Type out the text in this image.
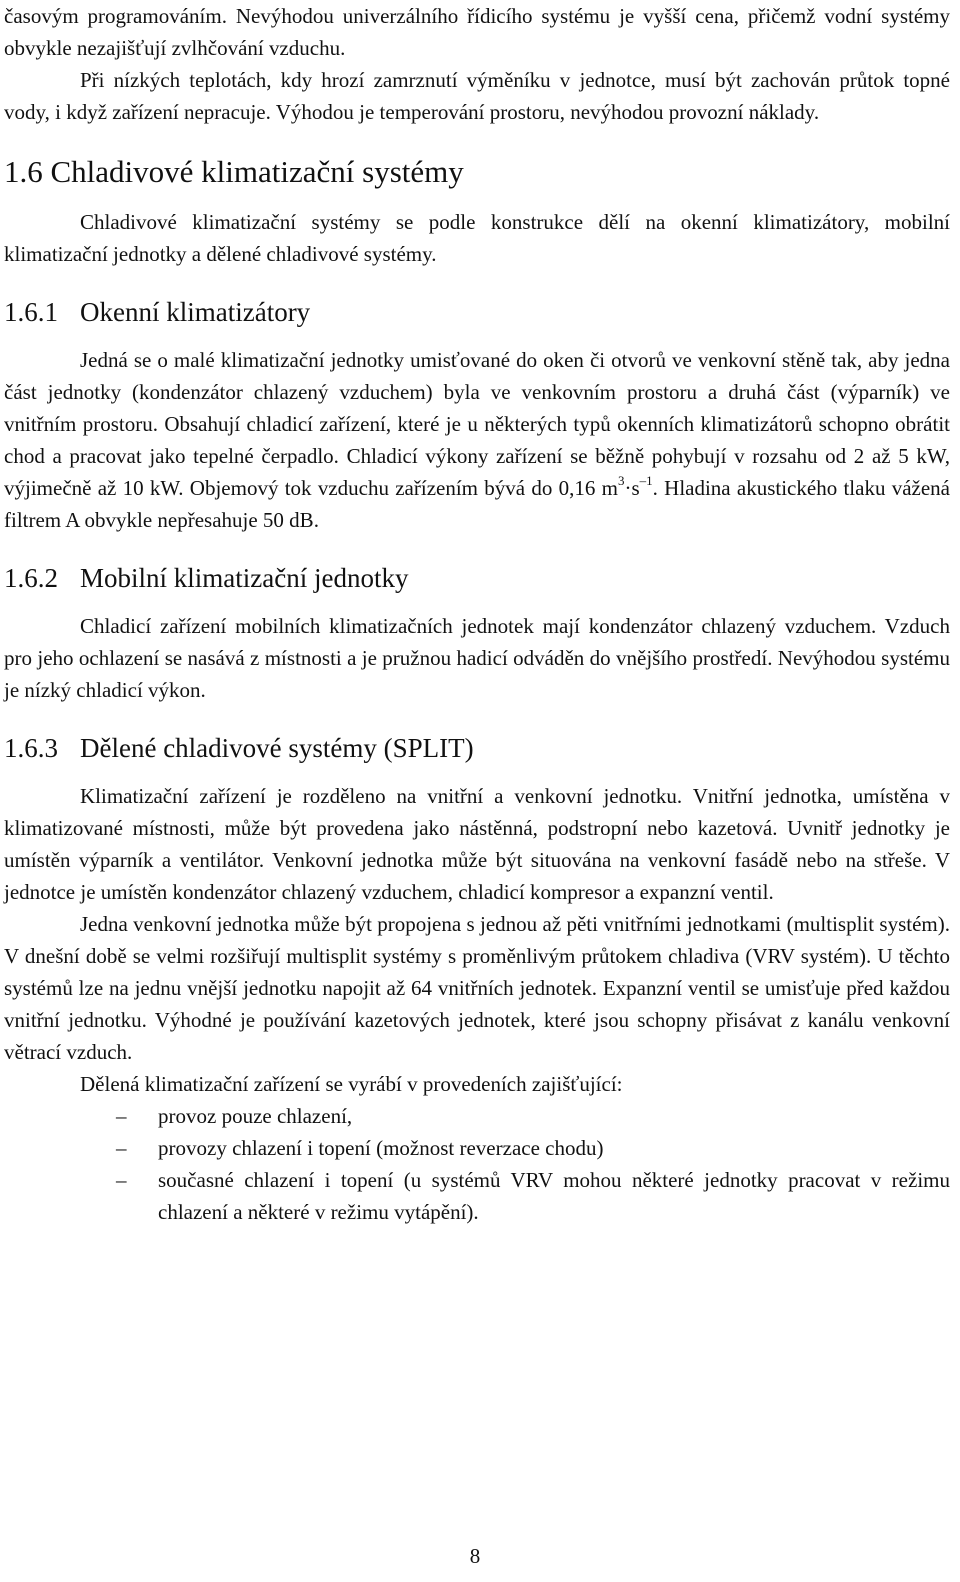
časovým programováním. Nevýhodou univerzálního řídicího systému je vyšší cena, přičemž vodní systémy obvykle nezajišťují zvlhčování vzduchu.

Při nízkých teplotách, kdy hrozí zamrznutí výměníku v jednotce, musí být zachován průtok topné vody, i když zařízení nepracuje. Výhodou je temperování prostoru, nevýhodou provozní náklady.

1.6 Chladivové klimatizační systémy

Chladivové klimatizační systémy se podle konstrukce dělí na okenní klimatizátory, mobilní klimatizační jednotky a dělené chladivové systémy.

1.6.1 Okenní klimatizátory

Jedná se o malé klimatizační jednotky umisťované do oken či otvorů ve venkovní stěně tak, aby jedna část jednotky (kondenzátor chlazený vzduchem) byla ve venkovním prostoru a druhá část (výparník) ve vnitřním prostoru. Obsahují chladicí zařízení, které je u některých typů okenních klimatizátorů schopno obrátit chod a pracovat jako tepelné čerpadlo. Chladicí výkony zařízení se běžně pohybují v rozsahu od 2 až 5 kW, výjimečně až 10 kW. Objemový tok vzduchu zařízením bývá do 0,16 $m^3\cdot s^{-1}$. Hladina akustického tlaku vážená filtrem A obvykle nepřesahuje 50 dB.

1.6.2 Mobilní klimatizační jednotky

Chladicí zařízení mobilních klimatizačních jednotek mají kondenzátor chlazený vzduchem. Vzduch pro jeho ochlazení se nasává z místnosti a je pružnou hadicí odváděn do vnějšího prostředí. Nevýhodou systému je nízký chladicí výkon.

1.6.3 Dělené chladivové systémy (SPLIT)

Klimatizační zařízení je rozděleno na vnitřní a venkovní jednotku. Vnitřní jednotka, umístěna v klimatizované místnosti, může být provedena jako nástěnná, podstropní nebo kazetová. Uvnitř jednotky je umístěn výparník a ventilátor. Venkovní jednotka může být situována na venkovní fasádě nebo na střeše. V jednotce je umístěn kondenzátor chlazený vzduchem, chladicí kompresor a expanzní ventil.

Jedna venkovní jednotka může být propojena s jednou až pěti vnitřními jednotkami (multisplit systém). V dnešní době se velmi rozšiřují multisplit systémy s proměnlivým průtokem chladiva (VRV systém). U těchto systémů lze na jednu vnější jednotku napojit až 64 vnitřních jednotek. Expanzní ventil se umisťuje před každou vnitřní jednotku. Výhodné je používání kazetových jednotek, které jsou schopny přisávat z kanálu venkovní větrací vzduch.

Dělená klimatizační zařízení se vyrábí v provedeních zajišťující:

– provoz pouze chlazení,
– provozy chlazení i topení (možnost reverzace chodu)
– současné chlazení i topení (u systémů VRV mohou některé jednotky pracovat v režimu chlazení a některé v režimu vytápění).
8
